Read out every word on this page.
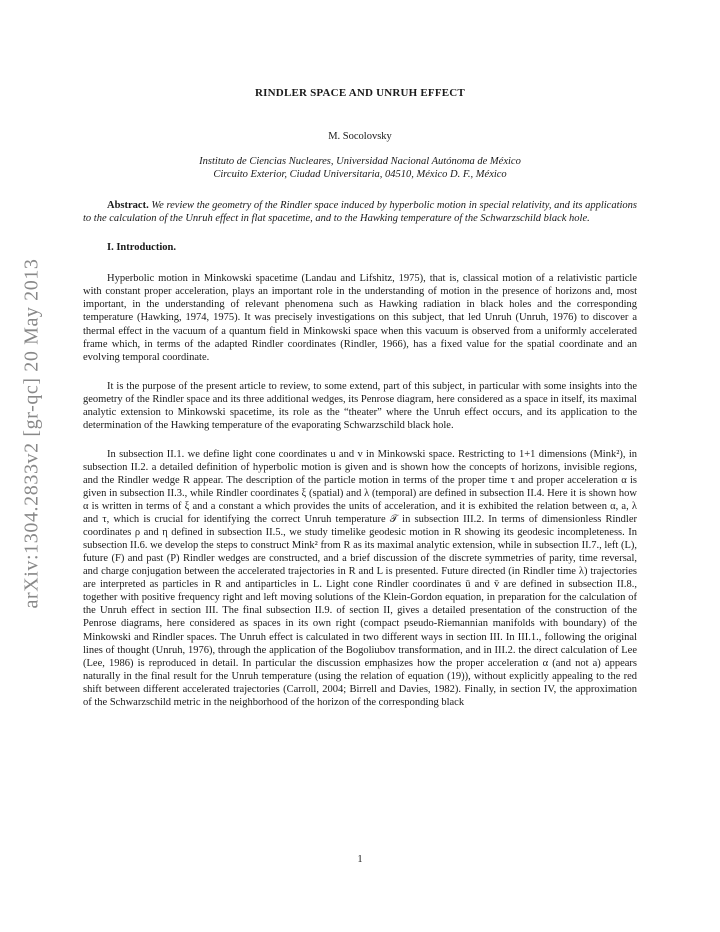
arXiv:1304.2833v2 [gr-qc] 20 May 2013
RINDLER SPACE AND UNRUH EFFECT
M. Socolovsky
Instituto de Ciencias Nucleares, Universidad Nacional Autónoma de México
Circuito Exterior, Ciudad Universitaria, 04510, México D. F., México
Abstract. We review the geometry of the Rindler space induced by hyperbolic motion in special relativity, and its applications to the calculation of the Unruh effect in flat spacetime, and to the Hawking temperature of the Schwarzschild black hole.
I. Introduction.

Hyperbolic motion in Minkowski spacetime (Landau and Lifshitz, 1975), that is, classical motion of a relativistic particle with constant proper acceleration, plays an important role in the understanding of motion in the presence of horizons and, most important, in the understanding of relevant phenomena such as Hawking radiation in black holes and the corresponding temperature (Hawking, 1974, 1975). It was precisely investigations on this subject, that led Unruh (Unruh, 1976) to discover a thermal effect in the vacuum of a quantum field in Minkowski space when this vacuum is observed from a uniformly accelerated frame which, in terms of the adapted Rindler coordinates (Rindler, 1966), has a fixed value for the spatial coordinate and an evolving temporal coordinate.

It is the purpose of the present article to review, to some extend, part of this subject, in particular with some insights into the geometry of the Rindler space and its three additional wedges, its Penrose diagram, here considered as a space in itself, its maximal analytic extension to Minkowski spacetime, its role as the “theater” where the Unruh effect occurs, and its application to the determination of the Hawking temperature of the evaporating Schwarzschild black hole.

In subsection II.1. we define light cone coordinates u and v in Minkowski space. Restricting to 1+1 dimensions (Mink²), in subsection II.2. a detailed definition of hyperbolic motion is given and is shown how the concepts of horizons, invisible regions, and the Rindler wedge R appear. The description of the particle motion in terms of the proper time τ and proper acceleration α is given in subsection II.3., while Rindler coordinates ξ (spatial) and λ (temporal) are defined in subsection II.4. Here it is shown how α is written in terms of ξ and a constant a which provides the units of acceleration, and it is exhibited the relation between α, a, λ and τ, which is crucial for identifying the correct Unruh temperature 𝒯 in subsection III.2. In terms of dimensionless Rindler coordinates ρ and η defined in subsection II.5., we study timelike geodesic motion in R showing its geodesic incompleteness. In subsection II.6. we develop the steps to construct Mink² from R as its maximal analytic extension, while in subsection II.7., left (L), future (F) and past (P) Rindler wedges are constructed, and a brief discussion of the discrete symmetries of parity, time reversal, and charge conjugation between the accelerated trajectories in R and L is presented. Future directed (in Rindler time λ) trajectories are interpreted as particles in R and antiparticles in L. Light cone Rindler coordinates ū and v̄ are defined in subsection II.8., together with positive frequency right and left moving solutions of the Klein-Gordon equation, in preparation for the calculation of the Unruh effect in section III. The final subsection II.9. of section II, gives a detailed presentation of the construction of the Penrose diagrams, here considered as spaces in its own right (compact pseudo-Riemannian manifolds with boundary) of the Minkowski and Rindler spaces. The Unruh effect is calculated in two different ways in section III. In III.1., following the original lines of thought (Unruh, 1976), through the application of the Bogoliubov transformation, and in III.2. the direct calculation of Lee (Lee, 1986) is reproduced in detail. In particular the discussion emphasizes how the proper acceleration α (and not a) appears naturally in the final result for the Unruh temperature (using the relation of equation (19)), without explicitly appealing to the red shift between different accelerated trajectories (Carroll, 2004; Birrell and Davies, 1982). Finally, in section IV, the approximation of the Schwarzschild metric in the neighborhood of the horizon of the corresponding black

1
